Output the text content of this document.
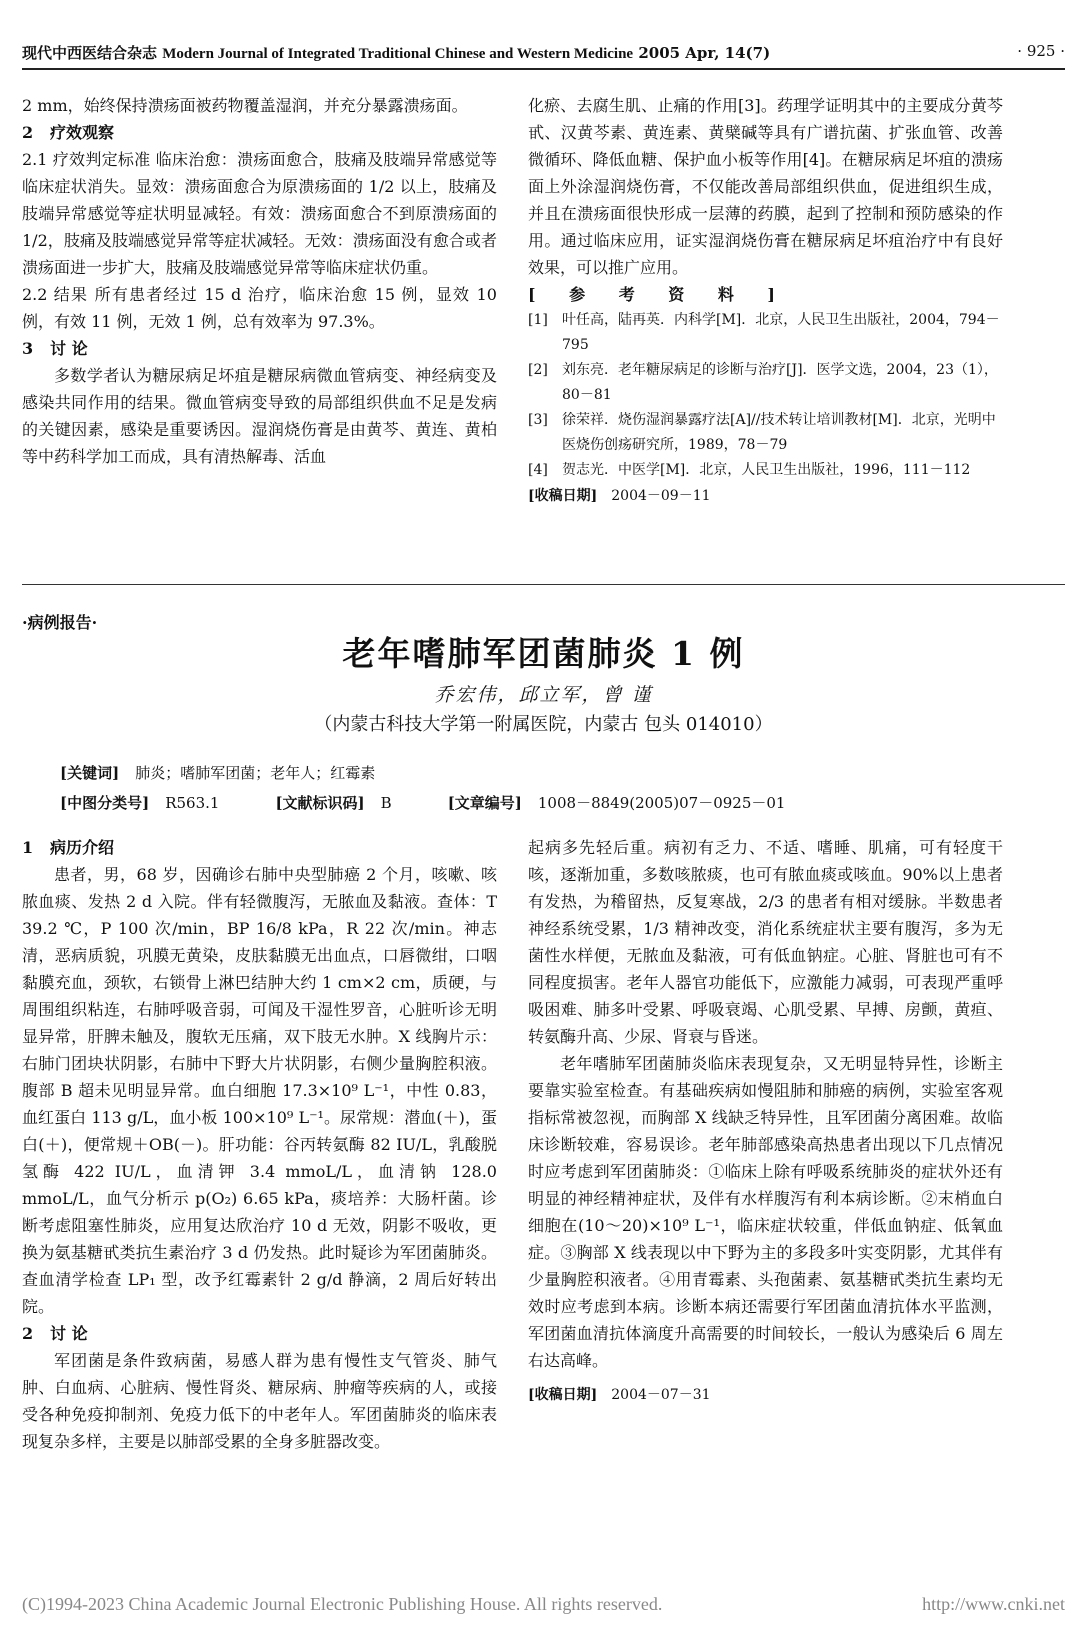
现代中西医结合杂志 Modern Journal of Integrated Traditional Chinese and Western Medicine 2005 Apr, 14(7)	· 925 ·

2 mm，始终保持溃疡面被药物覆盖湿润，并充分暴露溃疡面。

2 疗效观察

2.1 疗效判定标准 临床治愈：溃疡面愈合，肢痛及肢端异常感觉等临床症状消失。显效：溃疡面愈合为原溃疡面的 1/2 以上，肢痛及肢端异常感觉等症状明显减轻。有效：溃疡面愈合不到原溃疡面的 1/2，肢痛及肢端感觉异常等症状减轻。无效：溃疡面没有愈合或者溃疡面进一步扩大，肢痛及肢端感觉异常等临床症状仍重。

2.2 结果 所有患者经过 15 d 治疗，临床治愈 15 例，显效 10 例，有效 11 例，无效 1 例，总有效率为 97.3%。

3 讨 论

多数学者认为糖尿病足坏疽是糖尿病微血管病变、神经病变及感染共同作用的结果。微血管病变导致的局部组织供血不足是发病的关键因素，感染是重要诱因。湿润烧伤膏是由黄芩、黄连、黄柏等中药科学加工而成，具有清热解毒、活血

化瘀、去腐生肌、止痛的作用[3]。药理学证明其中的主要成分黄芩甙、汉黄芩素、黄连素、黄檗碱等具有广谱抗菌、扩张血管、改善微循环、降低血糖、保护血小板等作用[4]。在糖尿病足坏疽的溃疡面上外涂湿润烧伤膏，不仅能改善局部组织供血，促进组织生成，并且在溃疡面很快形成一层薄的药膜，起到了控制和预防感染的作用。通过临床应用，证实湿润烧伤膏在糖尿病足坏疽治疗中有良好效果，可以推广应用。

[ 参 考 资 料 ]

[1]	叶任高，陆再英．内科学[M]．北京，人民卫生出版社，2004，794－795
[2]	刘东亮．老年糖尿病足的诊断与治疗[J]．医学文选，2004，23（1），80－81
[3]	徐荣祥．烧伤湿润暴露疗法[A]//技术转让培训教材[M]．北京，光明中医烧伤创疡研究所，1989，78－79
[4]	贺志光．中医学[M]．北京，人民卫生出版社，1996，111－112

[收稿日期] 2004－09－11

·病例报告·
老年嗜肺军团菌肺炎 1 例
乔宏伟，邱立军，曾 谨
（内蒙古科技大学第一附属医院，内蒙古 包头 014010）
[关键词] 肺炎；嗜肺军团菌；老年人；红霉素
[中图分类号] R563.1	[文献标识码] B	[文章编号] 1008－8849(2005)07－0925－01

1 病历介绍

患者，男，68 岁，因确诊右肺中央型肺癌 2 个月，咳嗽、咳脓血痰、发热 2 d 入院。伴有轻微腹泻，无脓血及黏液。查体：T 39.2 ℃，P 100 次/min，BP 16/8 kPa，R 22 次/min。神志清，恶病质貌，巩膜无黄染，皮肤黏膜无出血点，口唇微绀，口咽黏膜充血，颈软，右锁骨上淋巴结肿大约 1 cm×2 cm，质硬，与周围组织粘连，右肺呼吸音弱，可闻及干湿性罗音，心脏听诊无明显异常，肝脾未触及，腹软无压痛，双下肢无水肿。X 线胸片示：右肺门团块状阴影，右肺中下野大片状阴影，右侧少量胸腔积液。腹部 B 超未见明显异常。血白细胞 17.3×10⁹ L⁻¹，中性 0.83，血红蛋白 113 g/L，血小板 100×10⁹ L⁻¹。尿常规：潜血(＋)，蛋白(＋)，便常规＋OB(－)。肝功能：谷丙转氨酶 82 IU/L，乳酸脱氢酶 422 IU/L，血清钾 3.4 mmoL/L，血清钠 128.0 mmoL/L，血气分析示 p(O₂) 6.65 kPa，痰培养：大肠杆菌。诊断考虑阻塞性肺炎，应用复达欣治疗 10 d 无效，阴影不吸收，更换为氨基糖甙类抗生素治疗 3 d 仍发热。此时疑诊为军团菌肺炎。查血清学检查 LP₁ 型，改予红霉素针 2 g/d 静滴，2 周后好转出院。

2 讨 论

军团菌是条件致病菌，易感人群为患有慢性支气管炎、肺气肿、白血病、心脏病、慢性肾炎、糖尿病、肿瘤等疾病的人，或接受各种免疫抑制剂、免疫力低下的中老年人。军团菌肺炎的临床表现复杂多样，主要是以肺部受累的全身多脏器改变。

起病多先轻后重。病初有乏力、不适、嗜睡、肌痛，可有轻度干咳，逐渐加重，多数咳脓痰，也可有脓血痰或咳血。90%以上患者有发热，为稽留热，反复寒战，2/3 的患者有相对缓脉。半数患者神经系统受累，1/3 精神改变，消化系统症状主要有腹泻，多为无菌性水样便，无脓血及黏液，可有低血钠症。心脏、肾脏也可有不同程度损害。老年人器官功能低下，应激能力减弱，可表现严重呼吸困难、肺多叶受累、呼吸衰竭、心肌受累、早搏、房颤，黄疸、转氨酶升高、少尿、肾衰与昏迷。

老年嗜肺军团菌肺炎临床表现复杂，又无明显特异性，诊断主要靠实验室检查。有基础疾病如慢阻肺和肺癌的病例，实验室客观指标常被忽视，而胸部 X 线缺乏特异性，且军团菌分离困难。故临床诊断较难，容易误诊。老年肺部感染高热患者出现以下几点情况时应考虑到军团菌肺炎：①临床上除有呼吸系统肺炎的症状外还有明显的神经精神症状，及伴有水样腹泻有利本病诊断。②末梢血白细胞在(10～20)×10⁹ L⁻¹，临床症状较重，伴低血钠症、低氧血症。③胸部 X 线表现以中下野为主的多段多叶实变阴影，尤其伴有少量胸腔积液者。④用青霉素、头孢菌素、氨基糖甙类抗生素均无效时应考虑到本病。诊断本病还需要行军团菌血清抗体水平监测，军团菌血清抗体滴度升高需要的时间较长，一般认为感染后 6 周左右达高峰。

[收稿日期] 2004－07－31

(C)1994-2023 China Academic Journal Electronic Publishing House. All rights reserved.	http://www.cnki.net
